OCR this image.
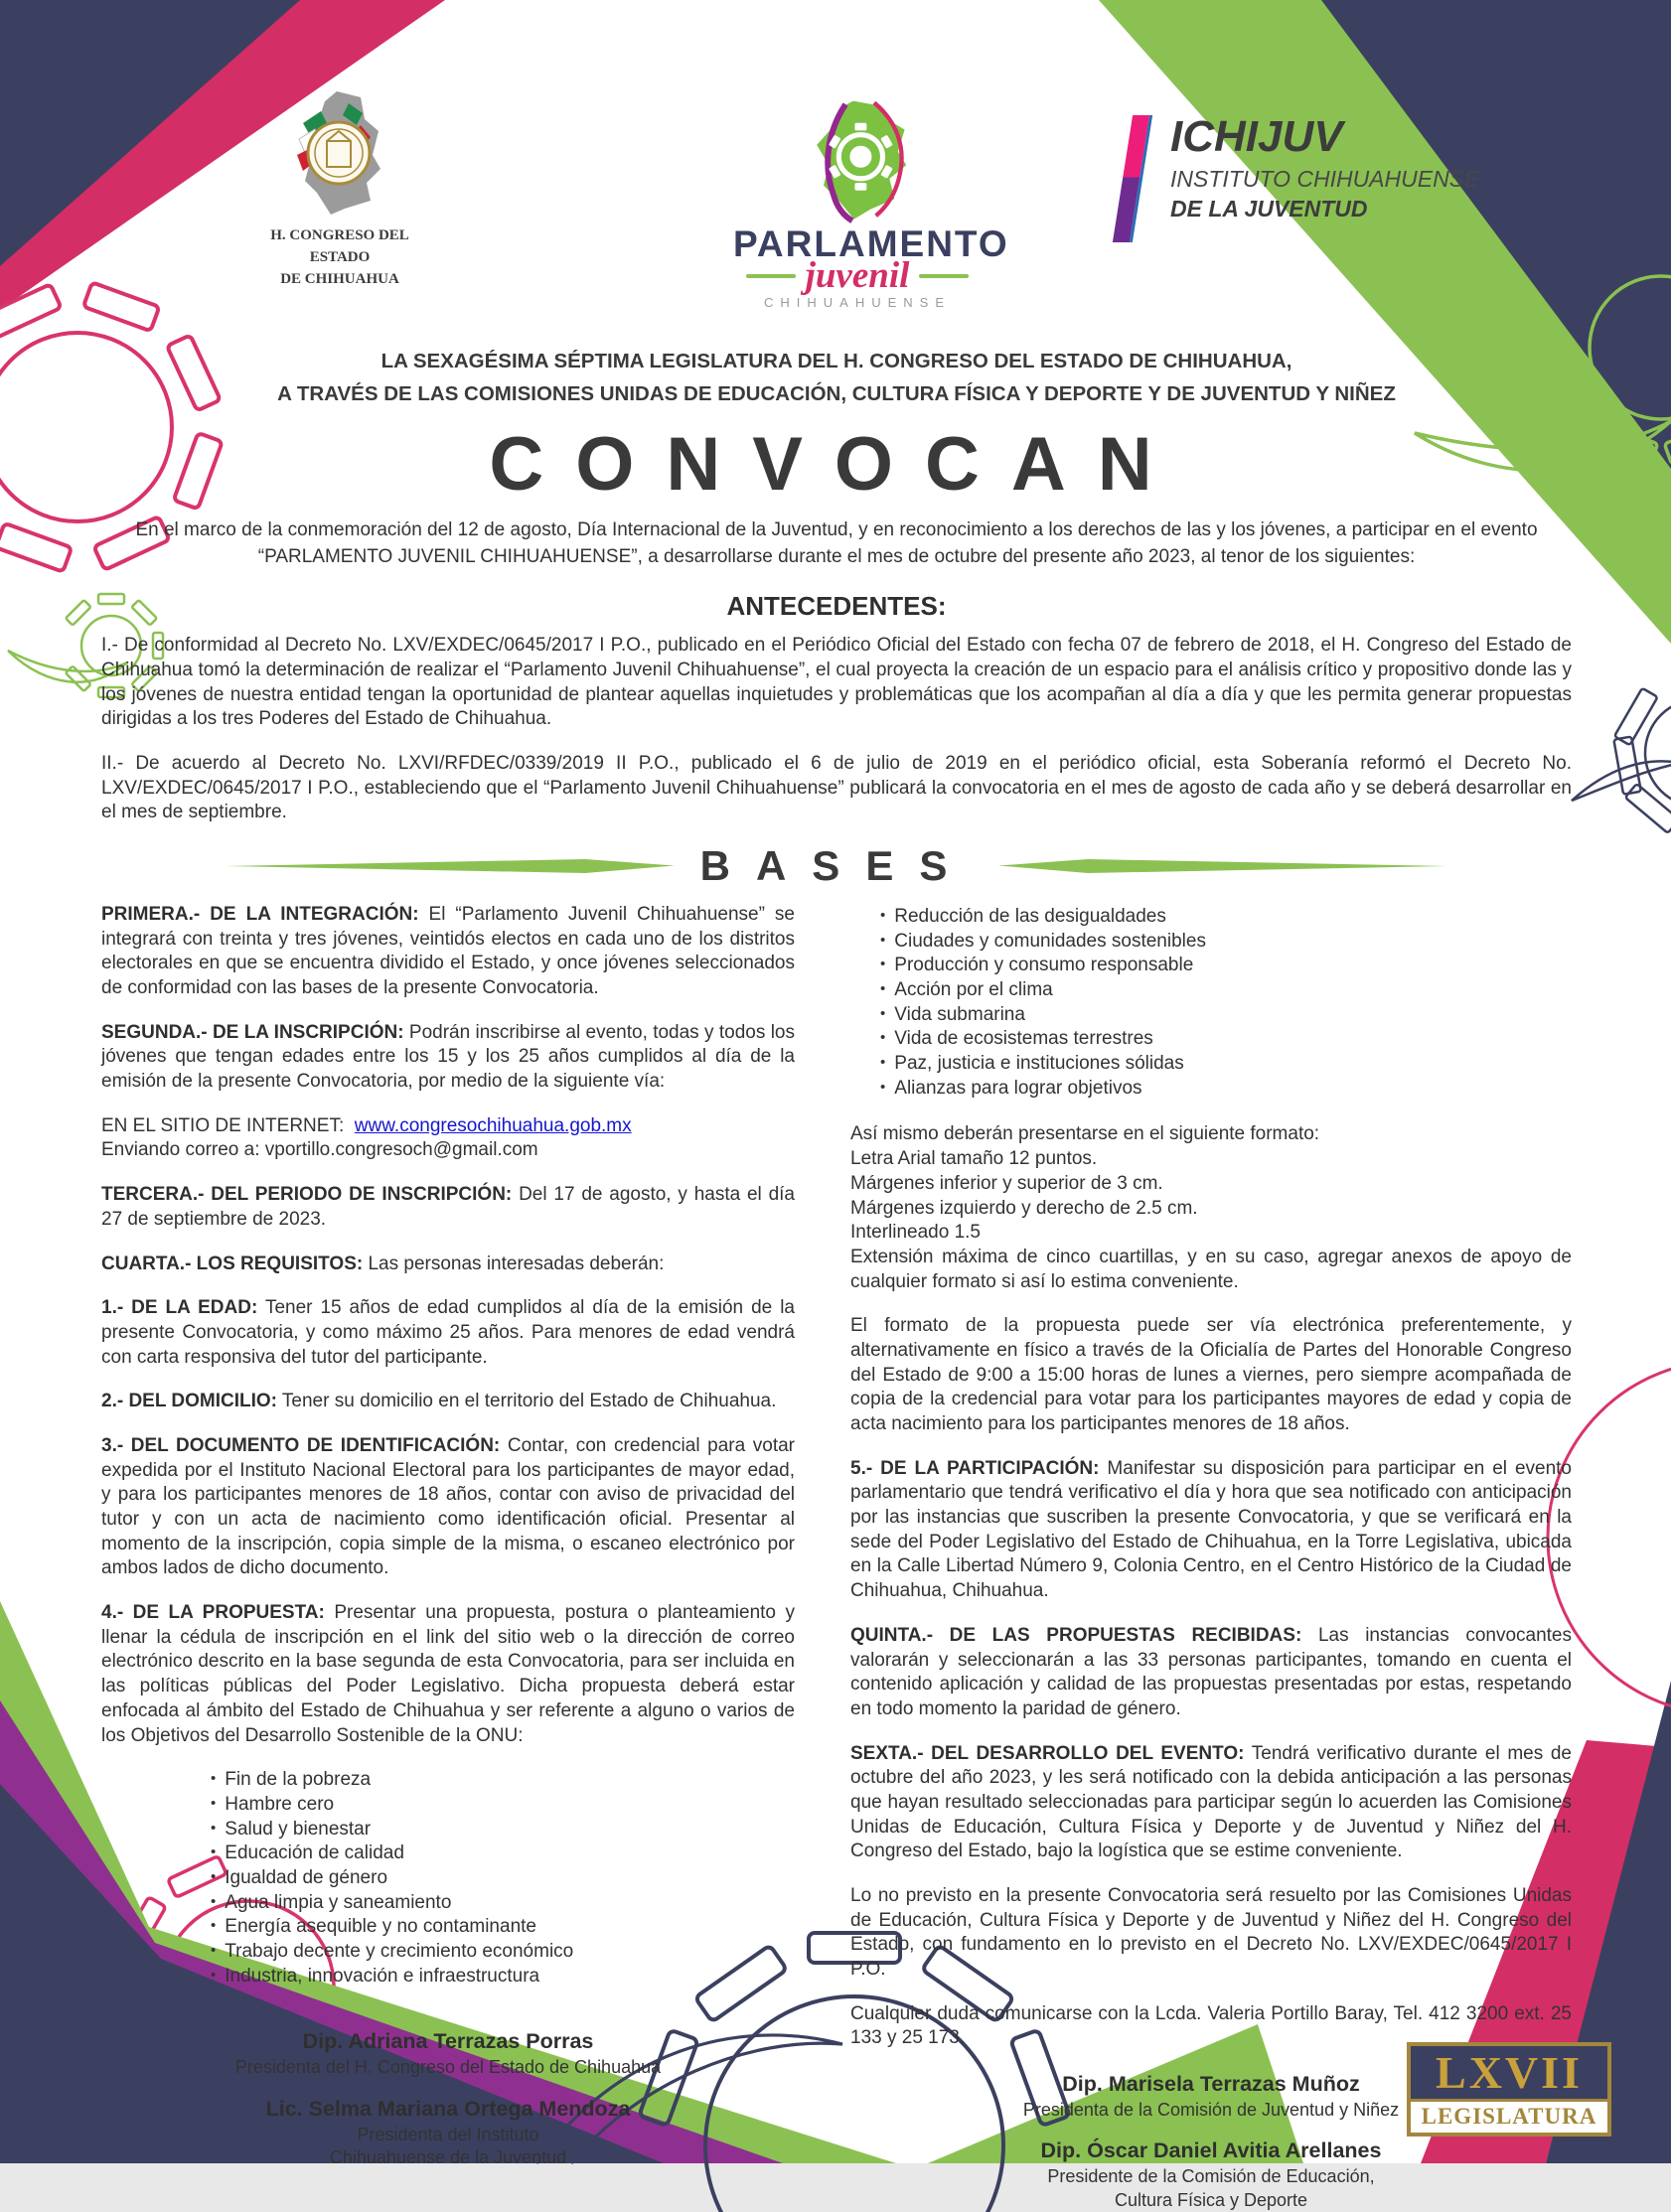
H. CONGRESO DEL ESTADO
DE CHIHUAHUA
PARLAMENTO
juvenil
CHIHUAHUENSE
ICHIJUV
INSTITUTO CHIHUAHUENSE
DE LA JUVENTUD
LA SEXAGÉSIMA SÉPTIMA LEGISLATURA DEL H. CONGRESO DEL ESTADO DE CHIHUAHUA,
A TRAVÉS DE LAS COMISIONES UNIDAS DE EDUCACIÓN, CULTURA FÍSICA Y DEPORTE Y DE JUVENTUD Y NIÑEZ
CONVOCAN
En el marco de la conmemoración del 12 de agosto, Día Internacional de la Juventud, y en reconocimiento a los derechos de las y los jóvenes, a participar en el evento “PARLAMENTO JUVENIL CHIHUAHUENSE”, a desarrollarse durante el mes de octubre del presente año 2023, al tenor de los siguientes:
ANTECEDENTES:

I.- De conformidad al Decreto No. LXV/EXDEC/0645/2017 I P.O., publicado en el Periódico Oficial del Estado con fecha 07 de febrero de 2018, el H. Congreso del Estado de Chihuahua tomó la determinación de realizar el “Parlamento Juvenil Chihuahuense”, el cual proyecta la creación de un espacio para el análisis crítico y propositivo donde las y los jóvenes de nuestra entidad tengan la oportunidad de plantear aquellas inquietudes y problemáticas que los acompañan al día a día y que les permita generar propuestas dirigidas a los tres Poderes del Estado de Chihuahua.

II.- De acuerdo al Decreto No. LXVI/RFDEC/0339/2019 II P.O., publicado el 6 de julio de 2019 en el periódico oficial, esta Soberanía reformó el Decreto No. LXV/EXDEC/0645/2017 I P.O., estableciendo que el “Parlamento Juvenil Chihuahuense” publicará la convocatoria en el mes de agosto de cada año y se deberá desarrollar en el mes de septiembre.

BASES

PRIMERA.- DE LA INTEGRACIÓN: El “Parlamento Juvenil Chihuahuense” se integrará con treinta y tres jóvenes, veintidós electos en cada uno de los distritos electorales en que se encuentra dividido el Estado, y once jóvenes seleccionados de conformidad con las bases de la presente Convocatoria.

SEGUNDA.- DE LA INSCRIPCIÓN: Podrán inscribirse al evento, todas y todos los jóvenes que tengan edades entre los 15 y los 25 años cumplidos al día de la emisión de la presente Convocatoria, por medio de la siguiente vía:

EN EL SITIO DE INTERNET: www.congresochihuahua.gob.mx

Enviando correo a: vportillo.congresoch@gmail.com

TERCERA.- DEL PERIODO DE INSCRIPCIÓN: Del 17 de agosto, y hasta el día 27 de septiembre de 2023.

CUARTA.- LOS REQUISITOS: Las personas interesadas deberán:

1.- DE LA EDAD: Tener 15 años de edad cumplidos al día de la emisión de la presente Convocatoria, y como máximo 25 años. Para menores de edad vendrá con carta responsiva del tutor del participante.

2.- DEL DOMICILIO: Tener su domicilio en el territorio del Estado de Chihuahua.

3.- DEL DOCUMENTO DE IDENTIFICACIÓN: Contar, con credencial para votar expedida por el Instituto Nacional Electoral para los participantes de mayor edad, y para los participantes menores de 18 años, contar con aviso de privacidad del tutor y con un acta de nacimiento como identificación oficial. Presentar al momento de la inscripción, copia simple de la misma, o escaneo electrónico por ambos lados de dicho documento.

4.- DE LA PROPUESTA: Presentar una propuesta, postura o planteamiento y llenar la cédula de inscripción en el link del sitio web o la dirección de correo electrónico descrito en la base segunda de esta Convocatoria, para ser incluida en las políticas públicas del Poder Legislativo. Dicha propuesta deberá estar enfocada al ámbito del Estado de Chihuahua y ser referente a alguno o varios de los Objetivos del Desarrollo Sostenible de la ONU:

• Fin de la pobreza
• Hambre cero
• Salud y bienestar
• Educación de calidad
• Igualdad de género
• Agua limpia y saneamiento
• Energía asequible y no contaminante
• Trabajo decente y crecimiento económico
• Industria, innovación e infraestructura
Dip. Adriana Terrazas Porras
Presidenta del H. Congreso del Estado de Chihuahua
Lic. Selma Mariana Ortega Mendoza
Presidenta del Instituto
Chihuahuense de la Juventud
• Reducción de las desigualdades
• Ciudades y comunidades sostenibles
• Producción y consumo responsable
• Acción por el clima
• Vida submarina
• Vida de ecosistemas terrestres
• Paz, justicia e instituciones sólidas
• Alianzas para lograr objetivos
Así mismo deberán presentarse en el siguiente formato:
Letra Arial tamaño 12 puntos.
Márgenes inferior y superior de 3 cm.
Márgenes izquierdo y derecho de 2.5 cm.
Interlineado 1.5

Extensión máxima de cinco cuartillas, y en su caso, agregar anexos de apoyo de cualquier formato si así lo estima conveniente.

El formato de la propuesta puede ser vía electrónica preferentemente, y alternativamente en físico a través de la Oficialía de Partes del Honorable Congreso del Estado de 9:00 a 15:00 horas de lunes a viernes, pero siempre acompañada de copia de la credencial para votar para los participantes mayores de edad y copia de acta nacimiento para los participantes menores de 18 años.

5.- DE LA PARTICIPACIÓN: Manifestar su disposición para participar en el evento parlamentario que tendrá verificativo el día y hora que sea notificado con anticipación por las instancias que suscriben la presente Convocatoria, y que se verificará en la sede del Poder Legislativo del Estado de Chihuahua, en la Torre Legislativa, ubicada en la Calle Libertad Número 9, Colonia Centro, en el Centro Histórico de la Ciudad de Chihuahua, Chihuahua.

QUINTA.- DE LAS PROPUESTAS RECIBIDAS: Las instancias convocantes valorarán y seleccionarán a las 33 personas participantes, tomando en cuenta el contenido aplicación y calidad de las propuestas presentadas por estas, respetando en todo momento la paridad de género.

SEXTA.- DEL DESARROLLO DEL EVENTO: Tendrá verificativo durante el mes de octubre del año 2023, y les será notificado con la debida anticipación a las personas que hayan resultado seleccionadas para participar según lo acuerden las Comisiones Unidas de Educación, Cultura Física y Deporte y de Juventud y Niñez del H. Congreso del Estado, bajo la logística que se estime conveniente.

Lo no previsto en la presente Convocatoria será resuelto por las Comisiones Unidas de Educación, Cultura Física y Deporte y de Juventud y Niñez del H. Congreso del Estado, con fundamento en lo previsto en el Decreto No. LXV/EXDEC/0645/2017 I P.O.

Cualquier duda comunicarse con la Lcda. Valeria Portillo Baray, Tel. 412 3200 ext. 25 133 y 25 173.

Dip. Marisela Terrazas Muñoz
Presidenta de la Comisión de Juventud y Niñez
Dip. Óscar Daniel Avitia Arellanes
Presidente de la Comisión de Educación,
Cultura Física y Deporte
LXVII
LEGISLATURA
